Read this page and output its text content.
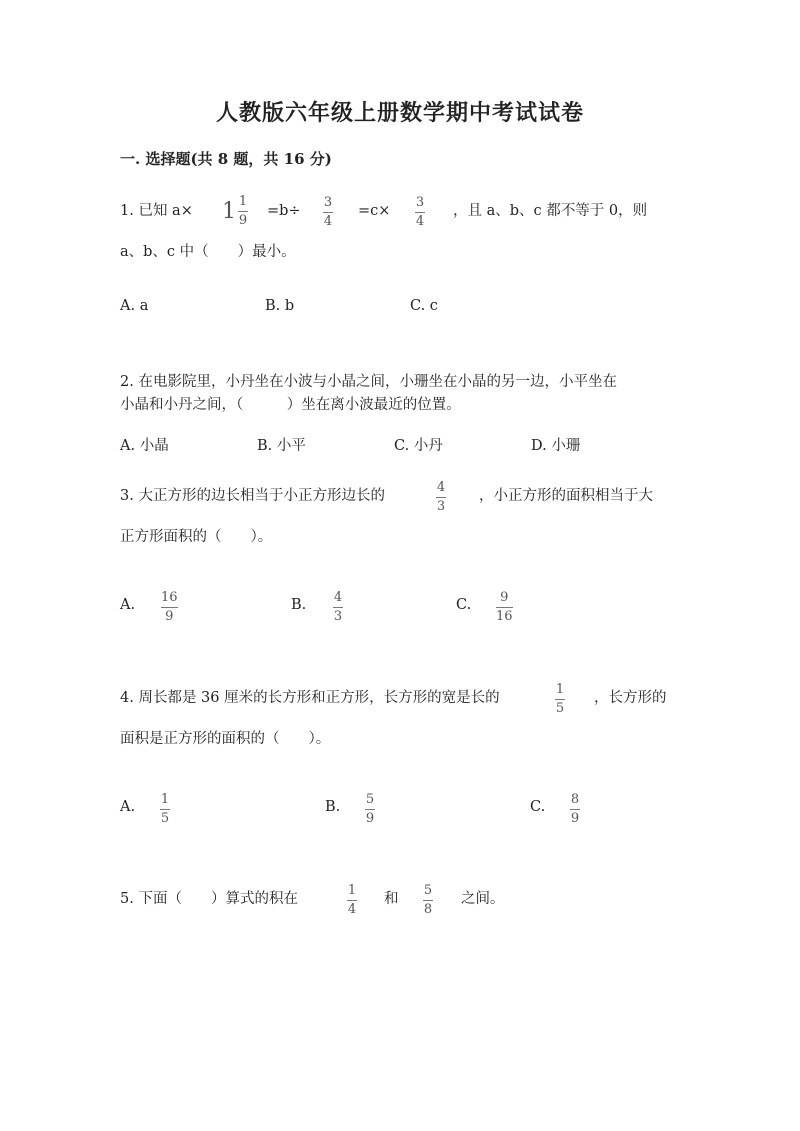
人教版六年级上册数学期中考试试卷
一. 选择题(共 8 题，共 16 分)
1. 已知 $a\times 1 \frac{1}{9} =b\div$
3
4
=c×
3
4
，且 a、b、c 都不等于 0，则
a、b、c 中（　　）最小。
A. a	B. b	C. c
2. 在电影院里，小丹坐在小波与小晶之间，小珊坐在小晶的另一边，小平坐在
小晶和小丹之间，（　　　）坐在离小波最近的位置。
A. 小晶	B. 小平	C. 小丹	D. 小珊
3. 大正方形的边长相当于小正方形边长的
4
3
，小正方形的面积相当于大
正方形面积的（　　）。
A. 16
9
B. 4
3
C. 9
16
4. 周长都是 36 厘米的长方形和正方形，长方形的宽是长的
1
5
，长方形的
面积是正方形的面积的（　　）。
A. 1
5
B. 5
9
C. 8
9
5. 下面（　　）算式的积在
1
4
和
5
8
之间。
